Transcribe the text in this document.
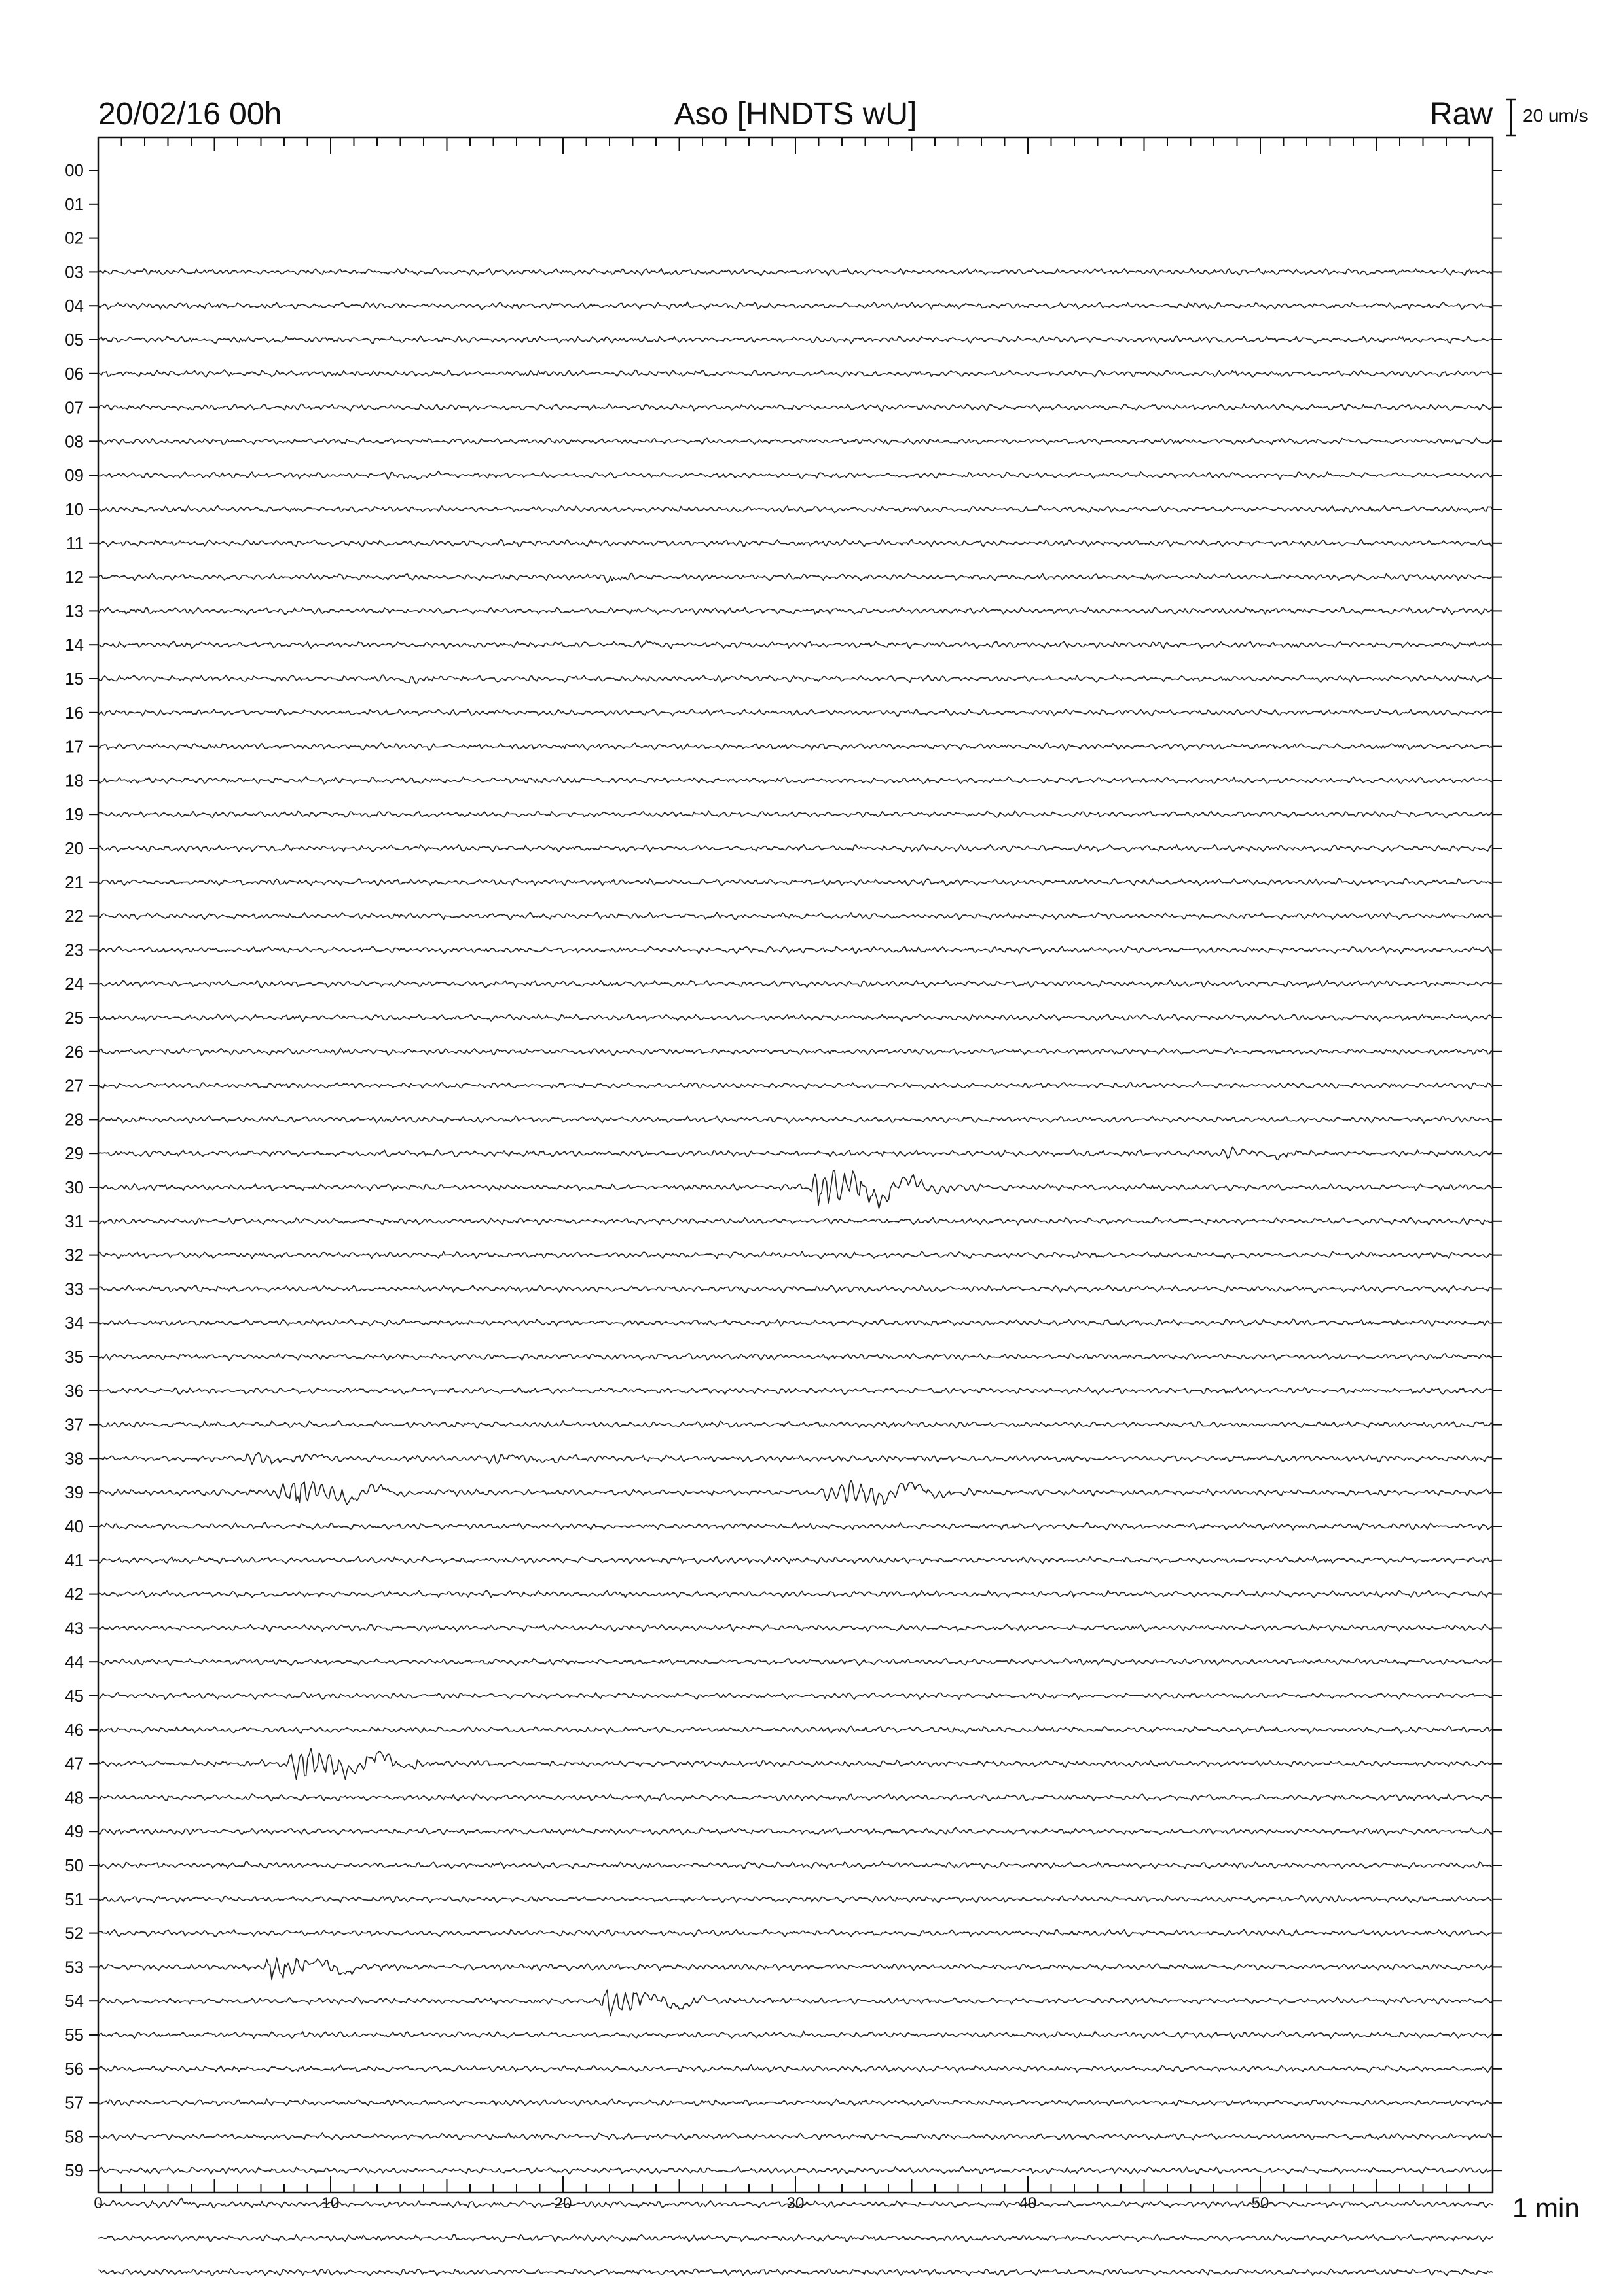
20/02/16 00h	Aso [HNDTS wU]	Raw 20 um/s
00
01
02
03
04
05
06
07
08
09
10
11
12
13
14
15
16
17
18
19
20
21
22
23
24
25
26
27
28
29
30
31
32
33
34
35
36
37
38
39
40
41
42
43
44
45
46
47
48
49
50
51
52
53
54
55
56
57
58
59
0	10	20	30	40	50	1 min
